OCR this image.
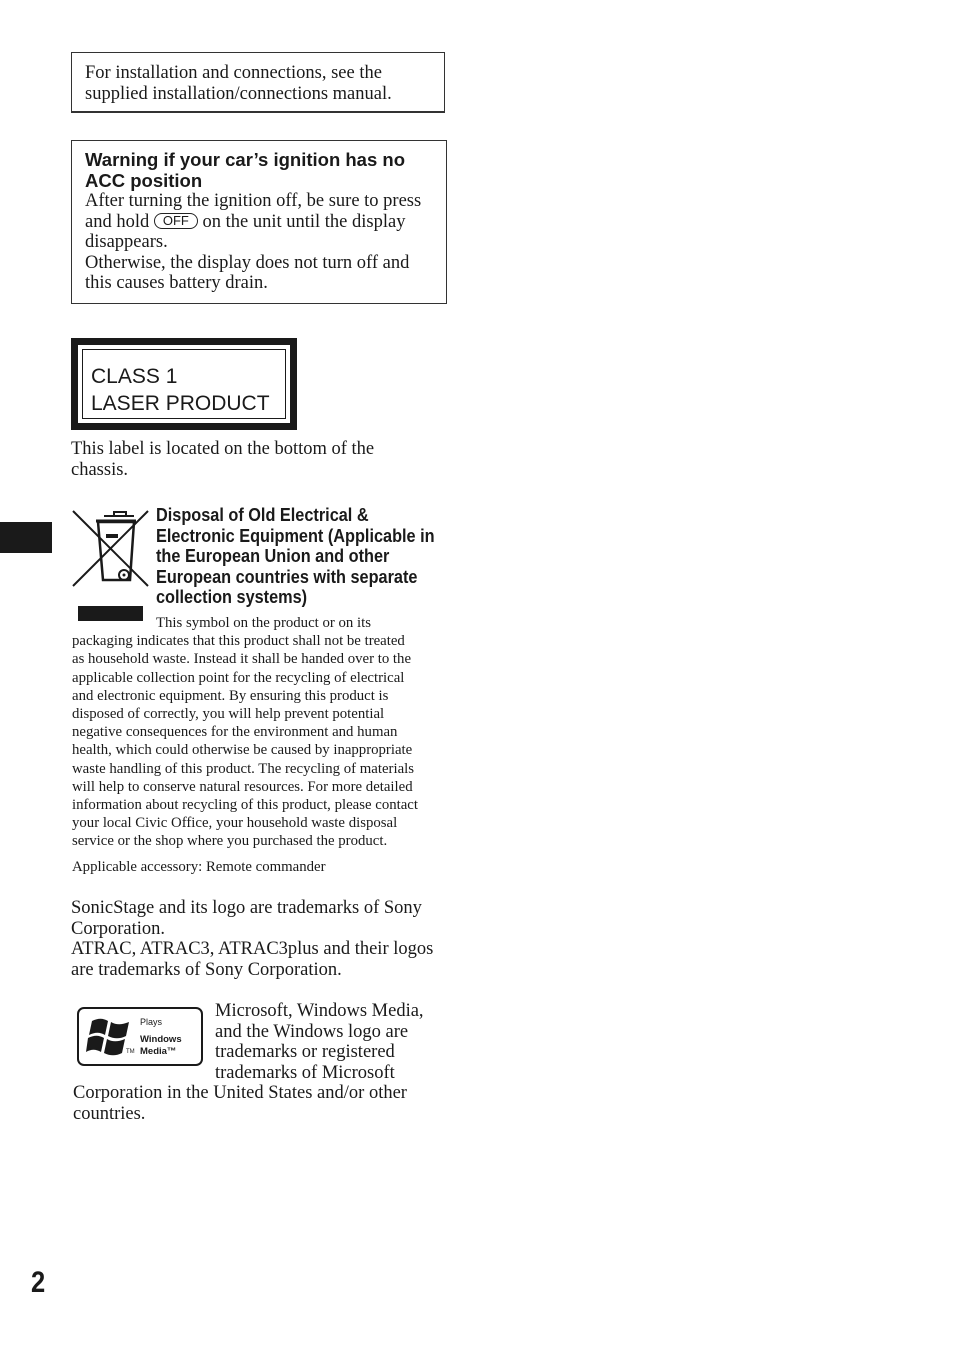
For installation and connections, see the
supplied installation/connections manual.
Warning if your car’s ignition has no
ACC position
After turning the ignition off, be sure to press
and hold OFF on the unit until the display
disappears.
Otherwise, the display does not turn off and
this causes battery drain.
CLASS 1
LASER PRODUCT
This label is located on the bottom of the
chassis.
Disposal of Old Electrical &
Electronic Equipment (Applicable in
the European Union and other
European countries with separate
collection systems)
This symbol on the product or on its
packaging indicates that this product shall not be treated
as household waste. Instead it shall be handed over to the
applicable collection point for the recycling of electrical
and electronic equipment. By ensuring this product is
disposed of correctly, you will help prevent potential
negative consequences for the environment and human
health, which could otherwise be caused by inappropriate
waste handling of this product. The recycling of materials
will help to conserve natural resources. For more detailed
information about recycling of this product, please contact
your local Civic Office, your household waste disposal
service or the shop where you purchased the product.
Applicable accessory: Remote commander
SonicStage and its logo are trademarks of Sony
Corporation.
ATRAC, ATRAC3, ATRAC3plus and their logos
are trademarks of Sony Corporation.
TM
Plays
Windows
Media™
Microsoft, Windows Media,
and the Windows logo are
trademarks or registered
trademarks of Microsoft
Corporation in the United States and/or other
countries.
2
